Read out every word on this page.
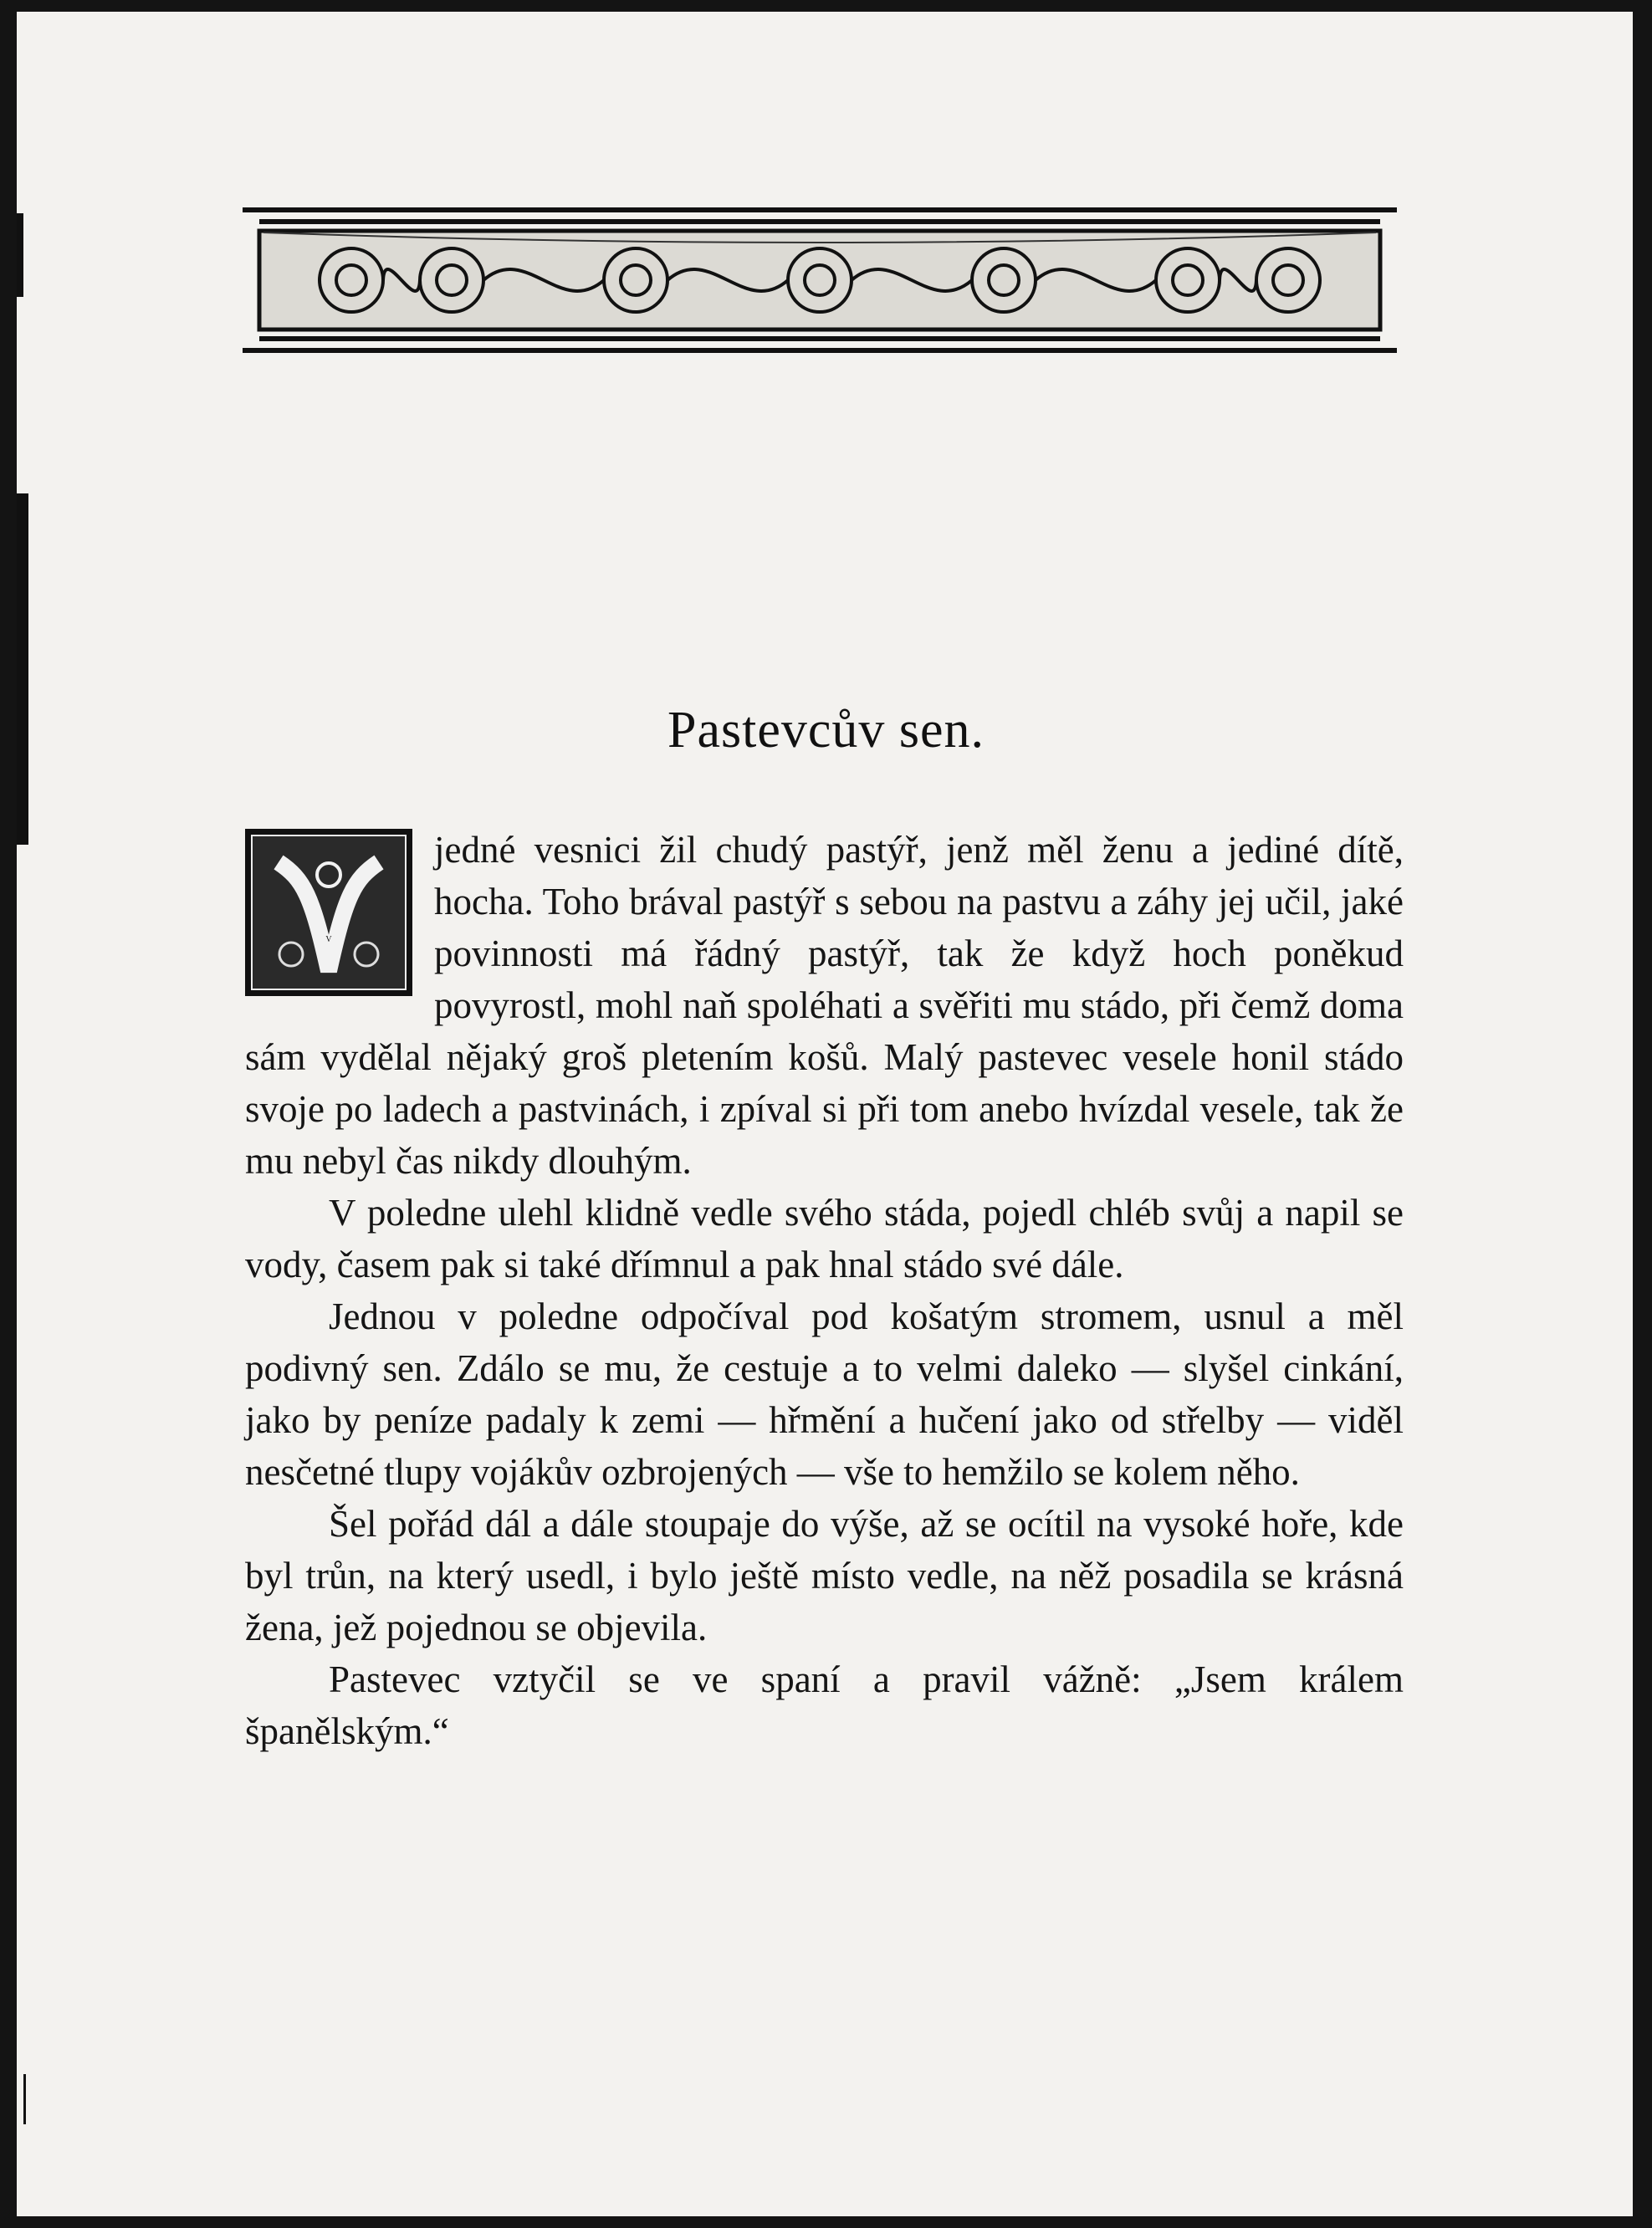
Pastevcův sen.
V

jedné vesnici žil chudý pastýř, jenž měl ženu a jediné dítě, hocha. Toho brával pastýř s sebou na pastvu a záhy jej učil, jaké povinnosti má řádný pastýř, tak že když hoch poněkud povyrostl, mohl naň spoléhati a svěřiti mu stádo, při čemž doma sám vydělal nějaký groš pletením košů. Malý pastevec vesele honil stádo svoje po ladech a pastvinách, i zpíval si při tom anebo hvízdal vesele, tak že mu nebyl čas nikdy dlouhým.

V poledne ulehl klidně vedle svého stáda, pojedl chléb svůj a napil se vody, časem pak si také dřímnul a pak hnal stádo své dále.

Jednou v poledne odpočíval pod košatým stromem, usnul a měl podivný sen. Zdálo se mu, že cestuje a to velmi daleko — slyšel cinkání, jako by peníze padaly k zemi — hřmění a hučení jako od střelby — viděl nesčetné tlupy vojákův ozbrojených — vše to hemžilo se kolem něho.

Šel pořád dál a dále stoupaje do výše, až se ocítil na vysoké hoře, kde byl trůn, na který usedl, i bylo ještě místo vedle, na něž posadila se krásná žena, jež pojednou se objevila.

Pastevec vztyčil se ve spaní a pravil vážně: „Jsem králem španělským.“
